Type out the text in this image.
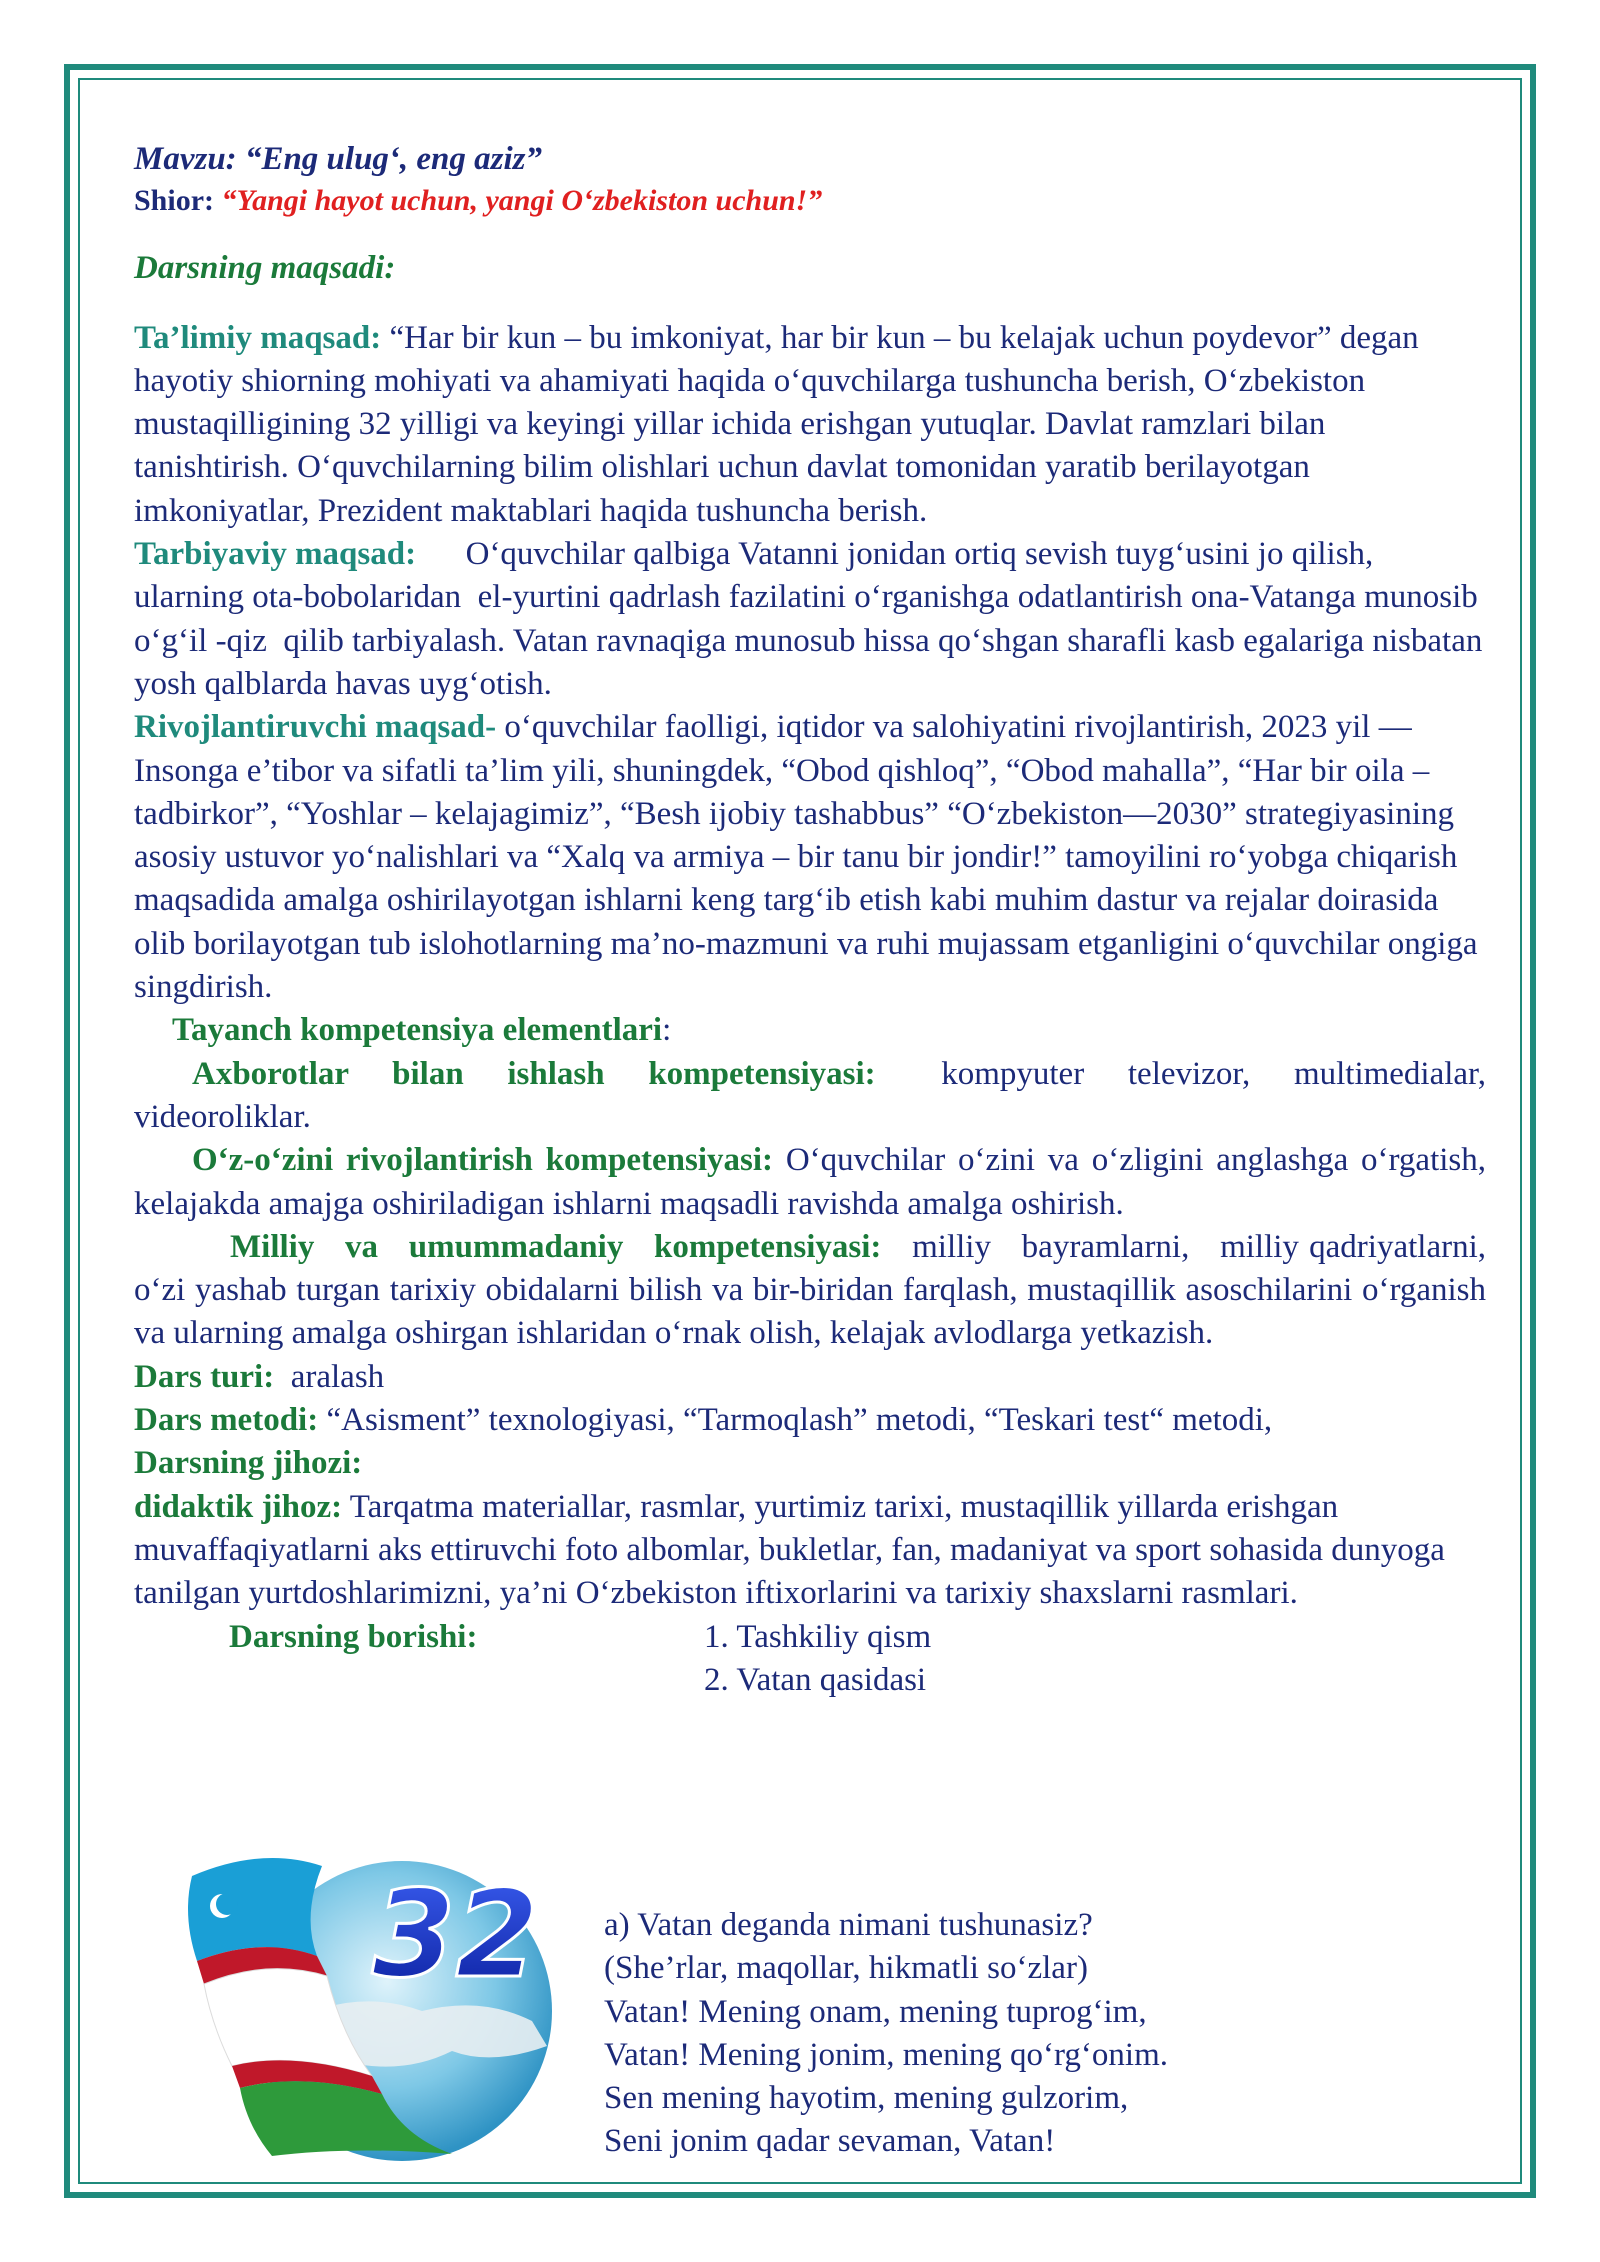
Mavzu: “Eng ulug‘, eng aziz”

Shior: “Yangi hayot uchun, yangi O‘zbekiston uchun!”

Darsning maqsadi:

Ta’limiy maqsad: “Har bir kun – bu imkoniyat, har bir kun – bu kelajak uchun poydevor” degan hayotiy shiorning mohiyati va ahamiyati haqida o‘quvchilarga tushuncha berish, O‘zbekiston mustaqilligining 32 yilligi va keyingi yillar ichida erishgan yutuqlar. Davlat ramzlari bilan tanishtirish. O‘quvchilarning bilim olishlari uchun davlat tomonidan yaratib berilayotgan imkoniyatlar, Prezident maktablari haqida tushuncha berish.

Tarbiyaviy maqsad:      O‘quvchilar qalbiga Vatanni jonidan ortiq sevish tuyg‘usini jo qilish, ularning ota-bobolaridan  el-yurtini qadrlash fazilatini o‘rganishga odatlantirish ona-Vatanga munosib o‘g‘il -qiz  qilib tarbiyalash. Vatan ravnaqiga munosub hissa qo‘shgan sharafli kasb egalariga nisbatan yosh qalblarda havas uyg‘otish.

Rivojlantiruvchi maqsad- o‘quvchilar faolligi, iqtidor va salohiyatini rivojlantirish, 2023 yil — Insonga e’tibor va sifatli ta’lim yili, shuningdek, “Obod qishloq”, “Obod mahalla”, “Har bir oila – tadbirkor”, “Yoshlar – kelajagimiz”, “Besh ijobiy tashabbus” “O‘zbekiston—2030” strategiyasining asosiy ustuvor yo‘nalishlari va “Xalq va armiya – bir tanu bir jondir!” tamoyilini ro‘yobga chiqarish maqsadida amalga oshirilayotgan ishlarni keng targ‘ib etish kabi muhim dastur va rejalar doirasida olib borilayotgan tub islohotlarning ma’no-mazmuni va ruhi mujassam etganligini o‘quvchilar ongiga singdirish.

Tayanch kompetensiya elementlari:

Axborotlar  bilan  ishlash  kompetensiyasi:   kompyuter  televizor,  multimedialar, videoroliklar.

O‘z-o‘zini rivojlantirish kompetensiyasi: O‘quvchilar o‘zini va o‘zligini anglashga o‘rgatish, kelajakda amajga oshiriladigan ishlarni maqsadli ravishda amalga oshirish.

Milliy   va   umummadaniy   kompetensiyasi:   milliy   bayramlarni,   milliy qadriyatlarni, o‘zi yashab turgan tarixiy obidalarni bilish va bir-biridan farqlash, mustaqillik asoschilarini o‘rganish va ularning amalga oshirgan ishlaridan o‘rnak olish, kelajak avlodlarga yetkazish.

Dars turi:  aralash

Dars metodi: “Asisment” texnologiyasi, “Tarmoqlash” metodi, “Teskari test“ metodi,

Darsning jihozi:

didaktik jihoz: Tarqatma materiallar, rasmlar, yurtimiz tarixi, mustaqillik yillarda erishgan muvaffaqiyatlarni aks ettiruvchi foto albomlar, bukletlar, fan, madaniyat va sport sohasida dunyoga tanilgan yurtdoshlarimizni, ya’ni O‘zbekiston iftixorlarini va tarixiy shaxslarni rasmlari.

Darsning borishi:	1. Tashkiliy qism

2. Vatan qasidasi

32 a) Vatan deganda nimani tushunasiz?

(She’rlar, maqollar, hikmatli so‘zlar)

Vatan! Mening onam, mening tuprog‘im,

Vatan! Mening jonim, mening qo‘rg‘onim.

Sen mening hayotim, mening gulzorim,

Seni jonim qadar sevaman, Vatan!
